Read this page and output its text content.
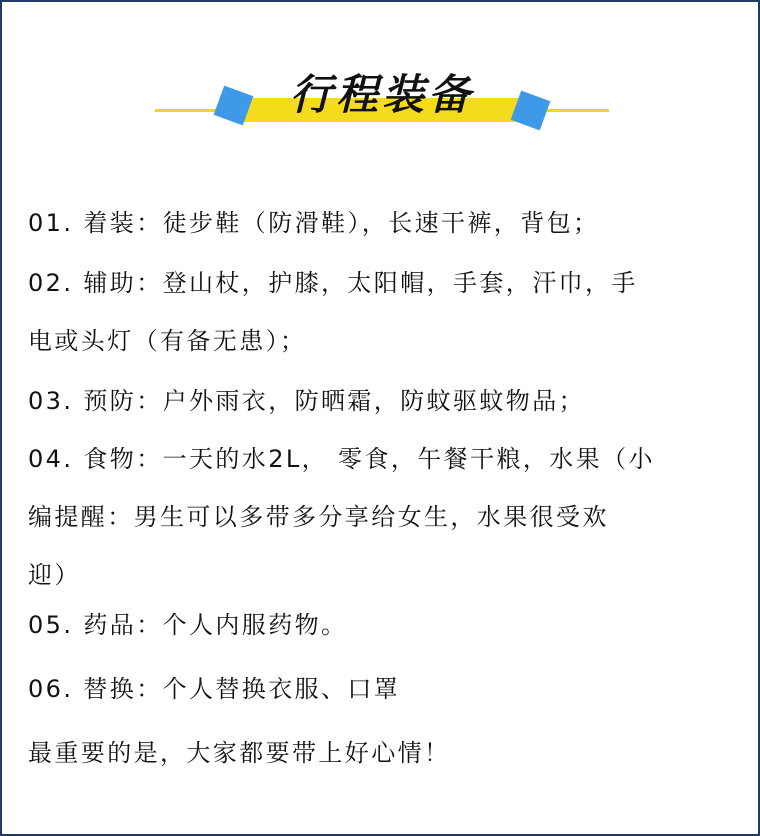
行程装备
01. 着装：徒步鞋（防滑鞋），长速干裤，背包；
02. 辅助：登山杖，护膝，太阳帽，手套，汗巾，手
电或头灯（有备无患）；
03. 预防：户外雨衣，防晒霜，防蚊驱蚊物品；
04. 食物：一天的水2L， 零食，午餐干粮，水果（小
编提醒：男生可以多带多分享给女生，水果很受欢
迎）
05. 药品：个人内服药物。
06. 替换：个人替换衣服、口罩
最重要的是，大家都要带上好心情！
